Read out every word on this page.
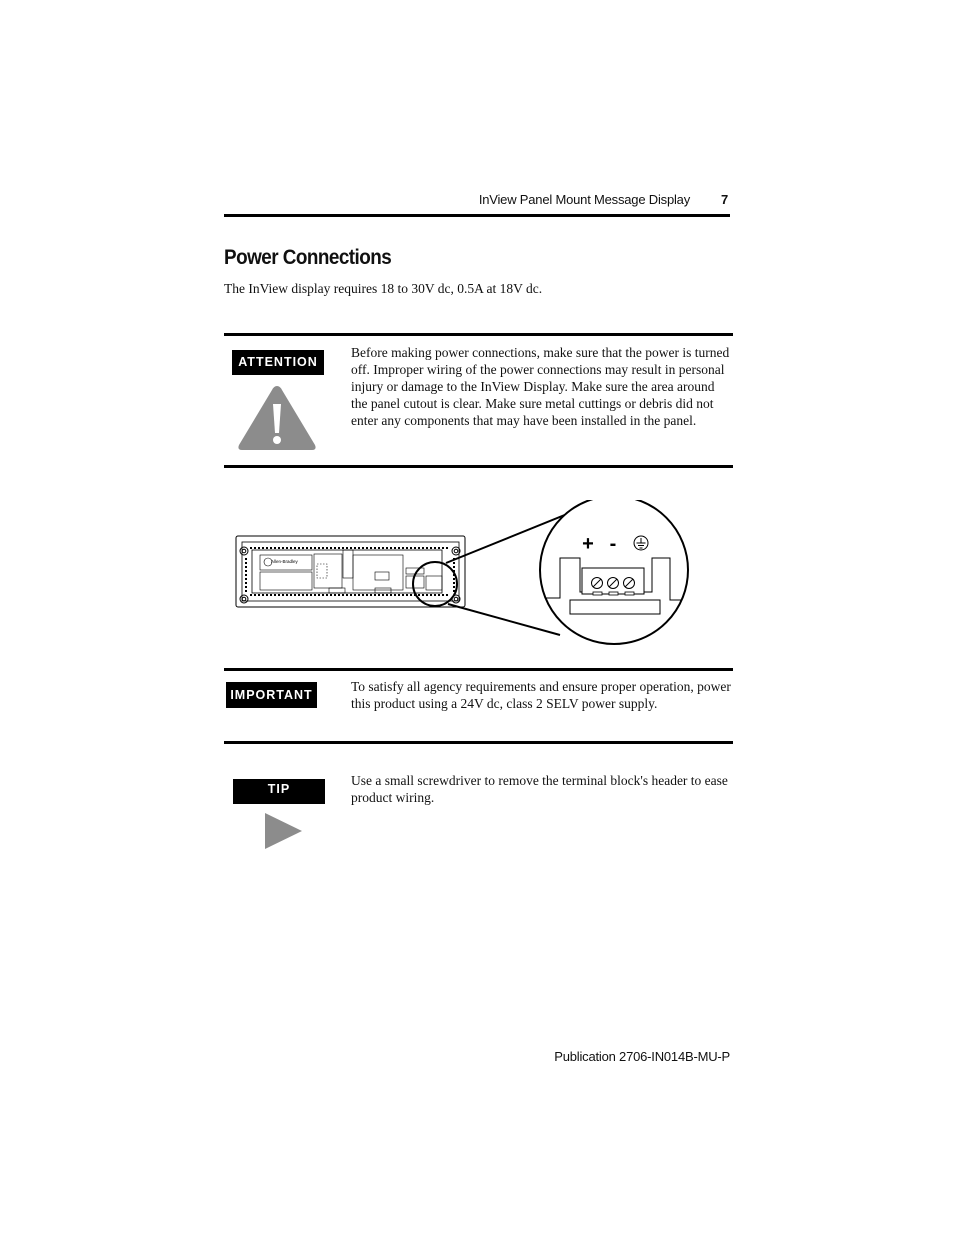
InView Panel Mount Message Display 7
Power Connections

The InView display requires 18 to 30V dc, 0.5A at 18V dc.

ATTENTION

Before making power connections, make sure that the power is turned off. Improper wiring of the power connections may result in personal injury or damage to the InView Display. Make sure the area around the panel cutout is clear. Make sure metal cuttings or debris did not enter any components that may have been installed in the panel.

Allen-Bradley
+ -
IMPORTANT

To satisfy all agency requirements and ensure proper operation, power this product using a 24V dc, class 2 SELV power supply.

TIP

Use a small screwdriver to remove the terminal block's header to ease product wiring.

Publication 2706-IN014B-MU-P
